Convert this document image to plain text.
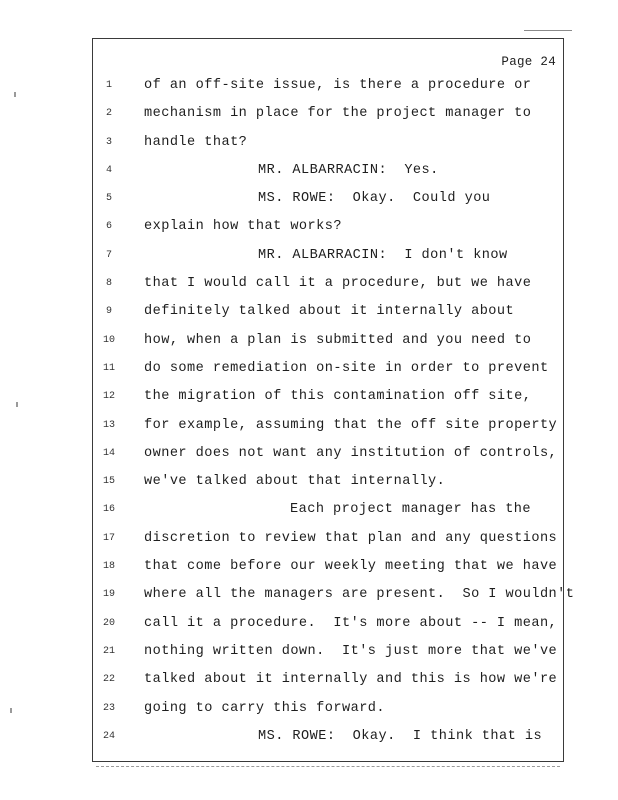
Page 24
1	of an off-site issue, is there a procedure or
2	mechanism in place for the project manager to
3	handle that?
4	MR. ALBARRACIN:  Yes.
5	MS. ROWE:  Okay.  Could you
6	explain how that works?
7	MR. ALBARRACIN:  I don't know
8	that I would call it a procedure, but we have
9	definitely talked about it internally about
10	how, when a plan is submitted and you need to
11	do some remediation on-site in order to prevent
12	the migration of this contamination off site,
13	for example, assuming that the off site property
14	owner does not want any institution of controls,
15	we've talked about that internally.
16	Each project manager has the
17	discretion to review that plan and any questions
18	that come before our weekly meeting that we have
19	where all the managers are present.  So I wouldn't
20	call it a procedure.  It's more about -- I mean,
21	nothing written down.  It's just more that we've
22	talked about it internally and this is how we're
23	going to carry this forward.
24	MS. ROWE:  Okay.  I think that is
